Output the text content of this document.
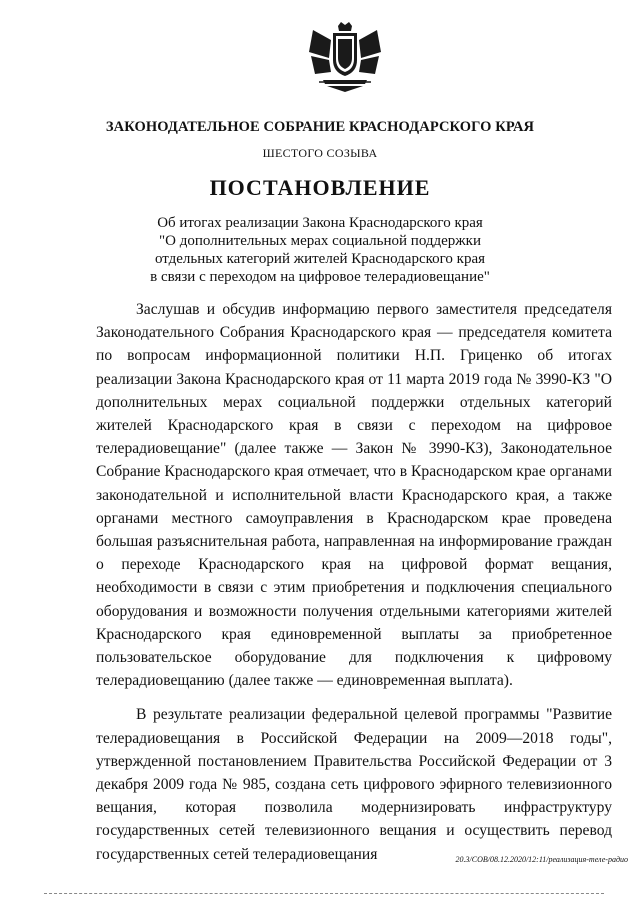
ЗАКОНОДАТЕЛЬНОЕ СОБРАНИЕ КРАСНОДАРСКОГО КРАЯ
ШЕСТОГО СОЗЫВА
ПОСТАНОВЛЕНИЕ
Об итогах реализации Закона Краснодарского края
"О дополнительных мерах социальной поддержки
отдельных категорий жителей Краснодарского края
в связи с переходом на цифровое телерадиовещание"

Заслушав и обсудив информацию первого заместителя председателя Законодательного Собрания Краснодарского края — председателя комитета по вопросам информационной политики Н.П. Гриценко об итогах реализации Закона Краснодарского края от 11 марта 2019 года № 3990-КЗ "О дополнительных мерах социальной поддержки отдельных категорий жителей Краснодарского края в связи с переходом на цифровое телерадиовещание" (далее также — Закон № 3990-КЗ), Законодательное Собрание Краснодарского края отмечает, что в Краснодарском крае органами законодательной и исполнительной власти Краснодарского края, а также органами местного самоуправления в Краснодарском крае проведена большая разъяснительная работа, направленная на информирование граждан о переходе Краснодарского края на цифровой формат вещания, необходимости в связи с этим приобретения и подключения специального оборудования и возможности получения отдельными категориями жителей Краснодарского края единовременной выплаты за приобретенное пользовательское оборудование для подключения к цифровому телерадиовещанию (далее также — единовременная выплата).

В результате реализации федеральной целевой программы "Развитие телерадиовещания в Российской Федерации на 2009—2018 годы", утвержденной постановлением Правительства Российской Федерации от 3 декабря 2009 года № 985, создана сеть цифрового эфирного телевизионного вещания, которая позволила модернизировать инфраструктуру государственных сетей телевизионного вещания и осуществить перевод государственных сетей телерадиовещания	20.3/СОВ/08.12.2020/12:11/реализация-теле-радио
